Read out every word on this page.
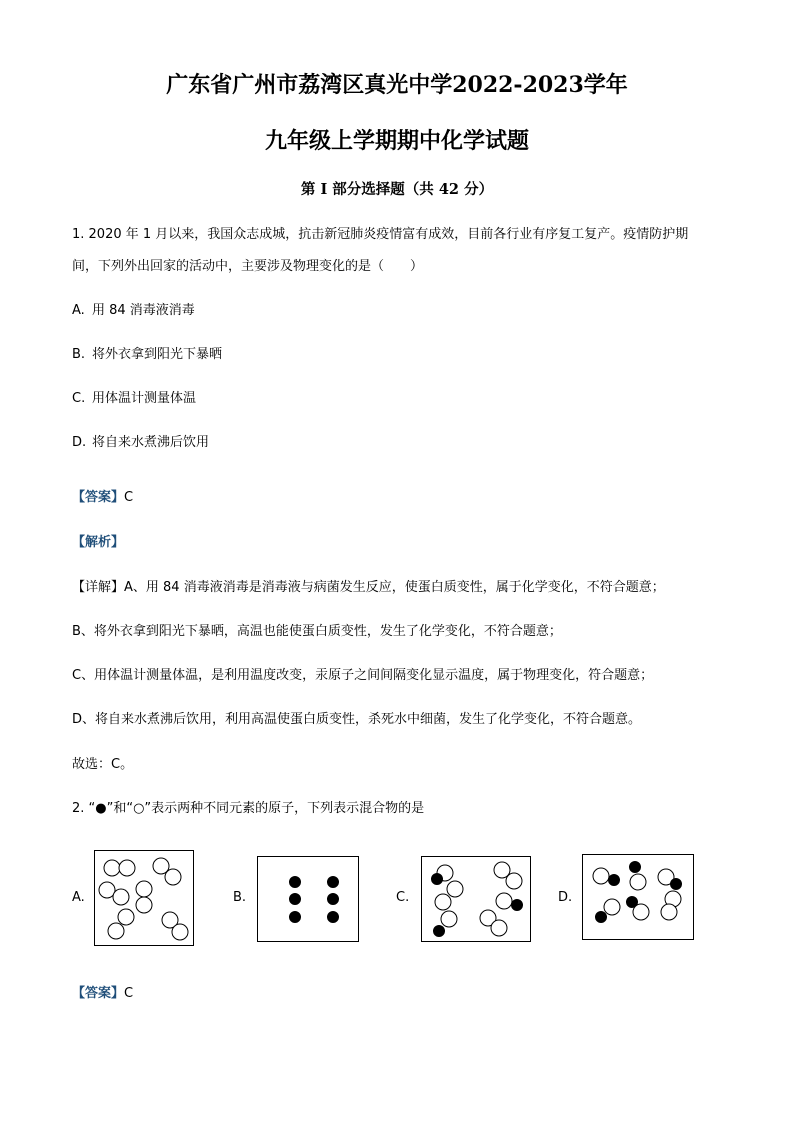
广东省广州市荔湾区真光中学2022-2023学年
九年级上学期期中化学试题
第 I 部分选择题（共 42 分）
1. 2020 年 1 月以来，我国众志成城，抗击新冠肺炎疫情富有成效，目前各行业有序复工复产。疫情防护期
间，下列外出回家的活动中，主要涉及物理变化的是（　　）
A. 用 84 消毒液消毒
B. 将外衣拿到阳光下暴晒
C. 用体温计测量体温
D. 将自来水煮沸后饮用
【答案】C
【解析】
【详解】A、用 84 消毒液消毒是消毒液与病菌发生反应，使蛋白质变性，属于化学变化，不符合题意；
B、将外衣拿到阳光下暴晒，高温也能使蛋白质变性，发生了化学变化，不符合题意；
C、用体温计测量体温，是利用温度改变，汞原子之间间隔变化显示温度，属于物理变化，符合题意；
D、将自来水煮沸后饮用，利用高温使蛋白质变性，杀死水中细菌，发生了化学变化，不符合题意。
故选：C。
2. “●”和“○”表示两种不同元素的原子，下列表示混合物的是
A.	B.	C.	D.
【答案】C
